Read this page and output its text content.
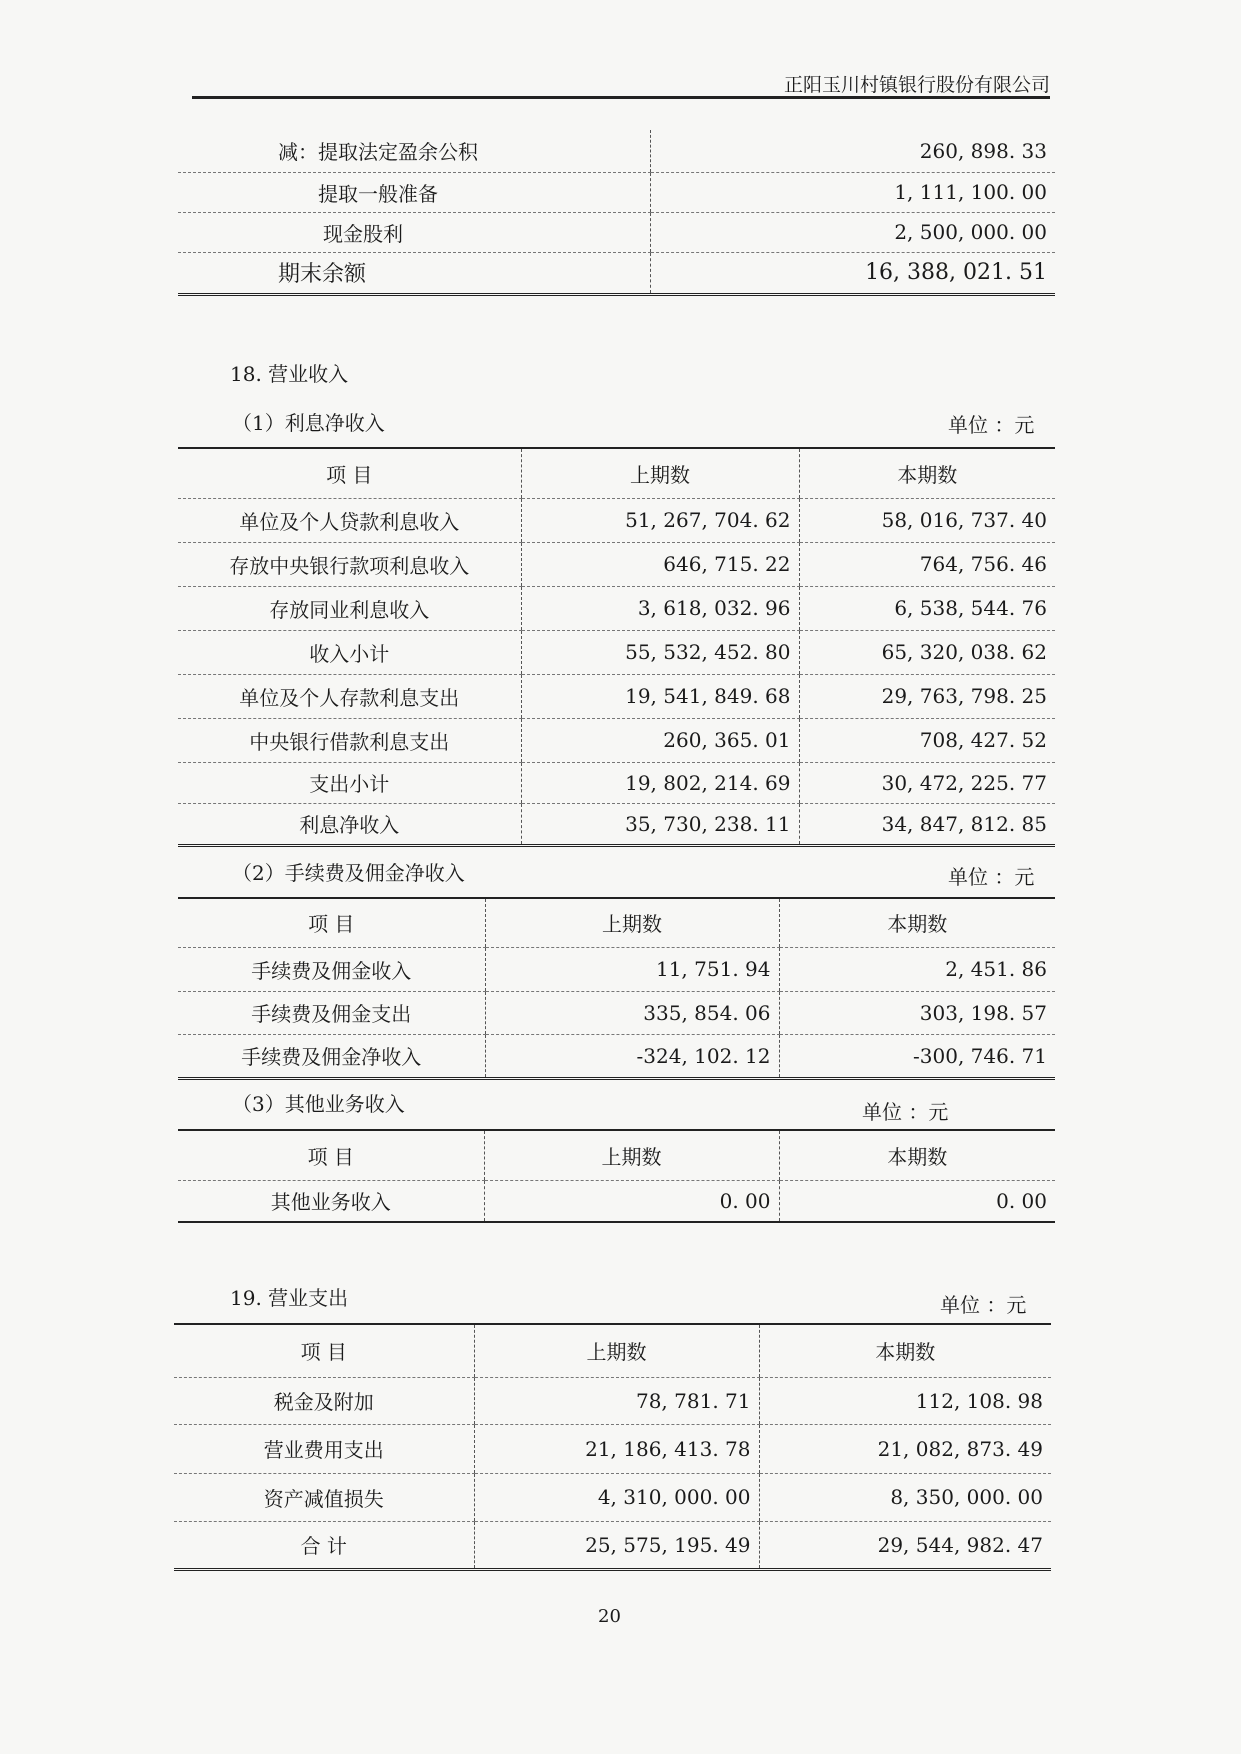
正阳玉川村镇银行股份有限公司
减：提取法定盈余公积	260, 898. 33
提取一般准备	1, 111, 100. 00
现金股利	2, 500, 000. 00
期末余额	16, 388, 021. 51
18. 营业收入
（1）利息净收入	单位 ：元
项 目	上期数	本期数
单位及个人贷款利息收入	51, 267, 704. 62	58, 016, 737. 40
存放中央银行款项利息收入	646, 715. 22	764, 756. 46
存放同业利息收入	3, 618, 032. 96	6, 538, 544. 76
收入小计	55, 532, 452. 80	65, 320, 038. 62
单位及个人存款利息支出	19, 541, 849. 68	29, 763, 798. 25
中央银行借款利息支出	260, 365. 01	708, 427. 52
支出小计	19, 802, 214. 69	30, 472, 225. 77
利息净收入	35, 730, 238. 11	34, 847, 812. 85
（2）手续费及佣金净收入	单位 ：元
项 目	上期数	本期数
手续费及佣金收入	11, 751. 94	2, 451. 86
手续费及佣金支出	335, 854. 06	303, 198. 57
手续费及佣金净收入	-324, 102. 12	-300, 746. 71
（3）其他业务收入	单位 ：元
项 目	上期数	本期数
其他业务收入	0. 00	0. 00
19. 营业支出	单位 ：元
项 目	上期数	本期数
税金及附加	78, 781. 71	112, 108. 98
营业费用支出	21, 186, 413. 78	21, 082, 873. 49
资产减值损失	4, 310, 000. 00	8, 350, 000. 00
合 计	25, 575, 195. 49	29, 544, 982. 47
20
